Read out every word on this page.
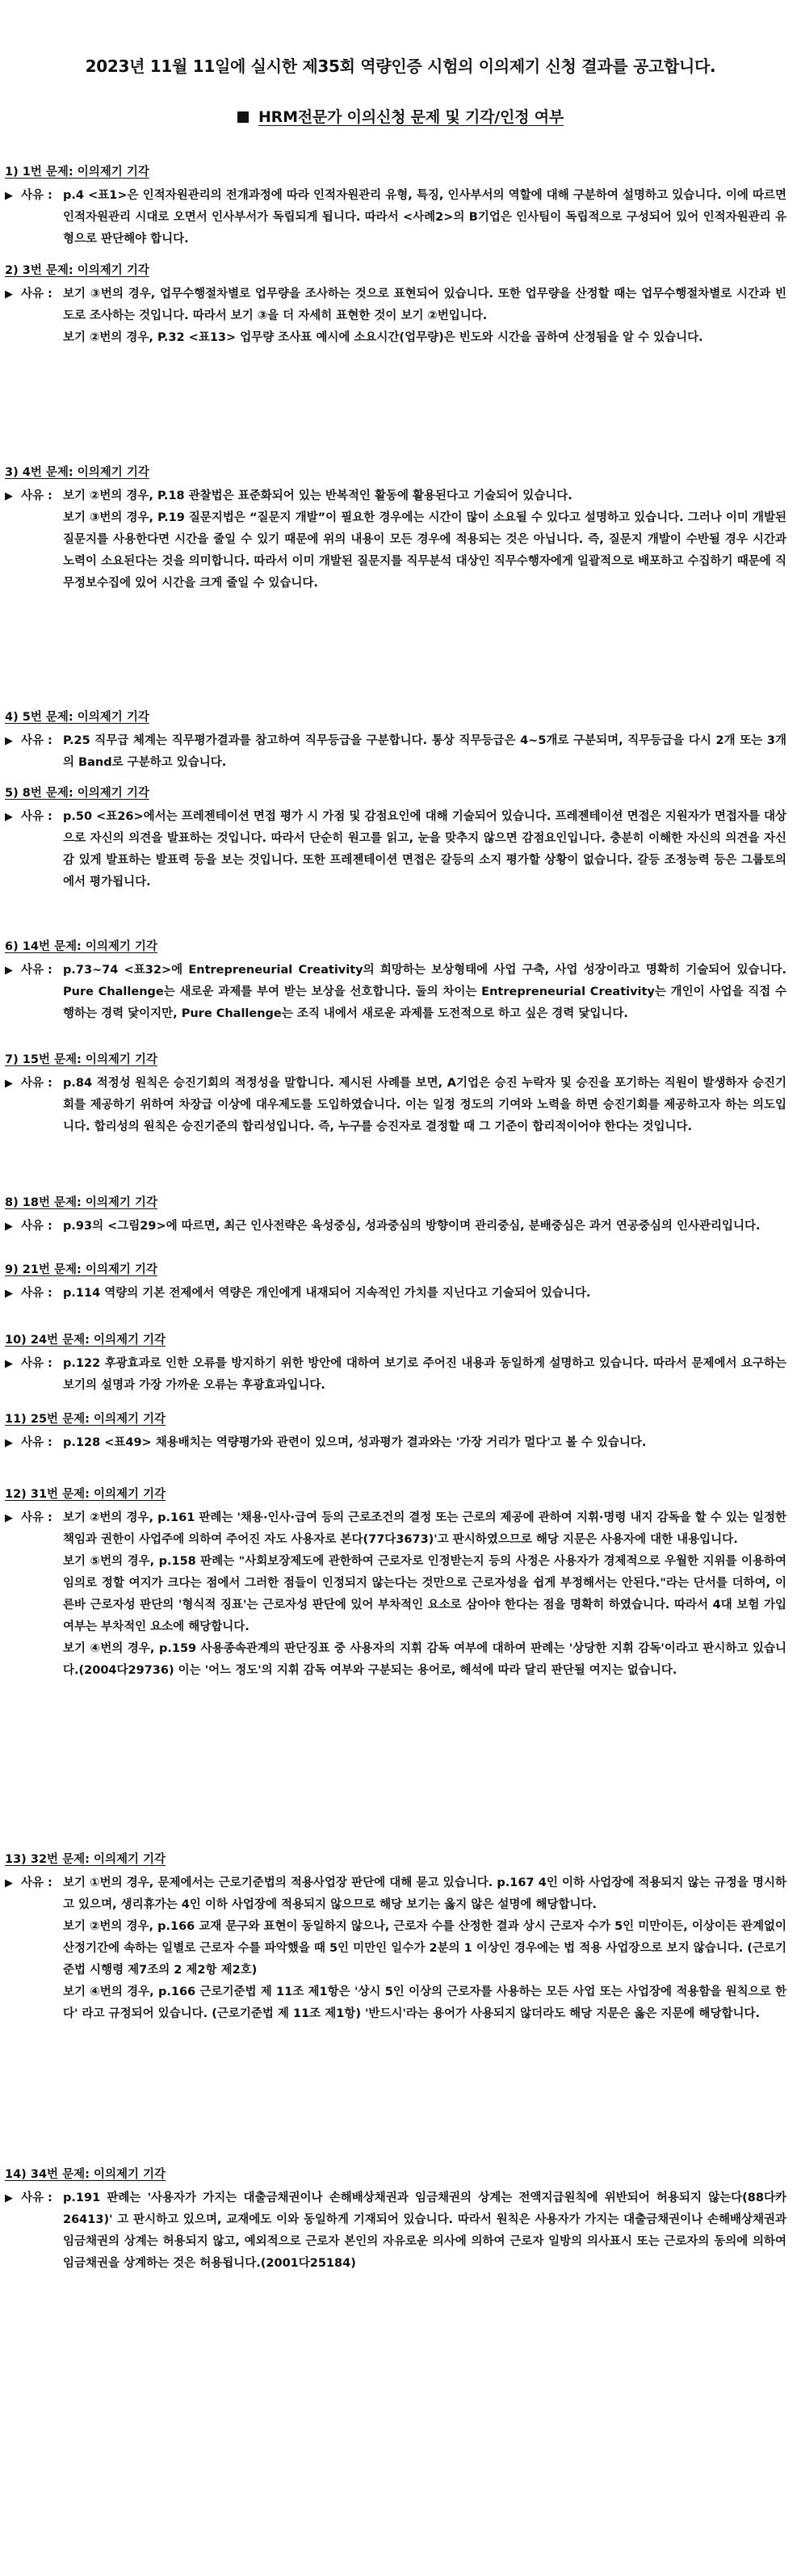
2023년 11월 11일에 실시한 제35회 역량인증 시험의 이의제기 신청 결과를 공고합니다.
HRM전문가 이의신청 문제 및 기각/인정 여부
1) 1번 문제: 이의제기 기각
▶ 사유 : p.4 <표1>은 인적자원관리의 전개과정에 따라 인적자원관리 유형, 특징, 인사부서의 역할에 대해 구분하여 설명하고 있습니다. 이에 따르면 인적자원관리 시대로 오면서 인사부서가 독립되게 됩니다. 따라서 <사례2>의 B기업은 인사팀이 독립적으로 구성되어 있어 인적자원관리 유형으로 판단해야 합니다.
2) 3번 문제: 이의제기 기각
▶ 사유 : 보기 ③번의 경우, 업무수행절차별로 업무량을 조사하는 것으로 표현되어 있습니다. 또한 업무량을 산정할 때는 업무수행절차별로 시간과 빈도로 조사하는 것입니다. 따라서 보기 ③을 더 자세히 표현한 것이 보기 ②번입니다.
보기 ②번의 경우, P.32 <표13> 업무량 조사표 예시에 소요시간(업무량)은 빈도와 시간을 곱하여 산정됨을 알 수 있습니다.
3) 4번 문제: 이의제기 기각
▶ 사유 : 보기 ②번의 경우, P.18 관찰법은 표준화되어 있는 반복적인 활동에 활용된다고 기술되어 있습니다.
보기 ③번의 경우, P.19 질문지법은 “질문지 개발”이 필요한 경우에는 시간이 많이 소요될 수 있다고 설명하고 있습니다. 그러나 이미 개발된 질문지를 사용한다면 시간을 줄일 수 있기 때문에 위의 내용이 모든 경우에 적용되는 것은 아닙니다. 즉, 질문지 개발이 수반될 경우 시간과 노력이 소요된다는 것을 의미합니다. 따라서 이미 개발된 질문지를 직무분석 대상인 직무수행자에게 일괄적으로 배포하고 수집하기 때문에 직무정보수집에 있어 시간을 크게 줄일 수 있습니다.
4) 5번 문제: 이의제기 기각
▶ 사유 : P.25 직무급 체계는 직무평가결과를 참고하여 직무등급을 구분합니다. 통상 직무등급은 4~5개로 구분되며, 직무등급을 다시 2개 또는 3개의 Band로 구분하고 있습니다.
5) 8번 문제: 이의제기 기각
▶ 사유 : p.50 <표26>에서는 프레젠테이션 면접 평가 시 가점 및 감점요인에 대해 기술되어 있습니다. 프레젠테이션 면접은 지원자가 면접자를 대상으로 자신의 의견을 발표하는 것입니다. 따라서 단순히 원고를 읽고, 눈을 맞추지 않으면 감점요인입니다. 충분히 이해한 자신의 의견을 자신감 있게 발표하는 발표력 등을 보는 것입니다. 또한 프레젠테이션 면접은 갈등의 소지 평가할 상황이 없습니다. 갈등 조정능력 등은 그룹토의에서 평가됩니다.
6) 14번 문제: 이의제기 기각
▶ 사유 : p.73~74 <표32>에 Entrepreneurial Creativity의 희망하는 보상형태에 사업 구축, 사업 성장이라고 명확히 기술되어 있습니다. Pure Challenge는 새로운 과제를 부여 받는 보상을 선호합니다. 둘의 차이는 Entrepreneurial Creativity는 개인이 사업을 직접 수행하는 경력 닻이지만, Pure Challenge는 조직 내에서 새로운 과제를 도전적으로 하고 싶은 경력 닻입니다.
7) 15번 문제: 이의제기 기각
▶ 사유 : p.84 적정성 원칙은 승진기회의 적정성을 말합니다. 제시된 사례를 보면, A기업은 승진 누락자 및 승진을 포기하는 직원이 발생하자 승진기회를 제공하기 위하여 차장급 이상에 대우제도를 도입하였습니다. 이는 일정 정도의 기여와 노력을 하면 승진기회를 제공하고자 하는 의도입니다. 합리성의 원칙은 승진기준의 합리성입니다. 즉, 누구를 승진자로 결정할 때 그 기준이 합리적이어야 한다는 것입니다.
8) 18번 문제: 이의제기 기각
▶ 사유 : p.93의 <그림29>에 따르면, 최근 인사전략은 육성중심, 성과중심의 방향이며 관리중심, 분배중심은 과거 연공중심의 인사관리입니다.
9) 21번 문제: 이의제기 기각
▶ 사유 : p.114 역량의 기본 전제에서 역량은 개인에게 내재되어 지속적인 가치를 지닌다고 기술되어 있습니다.
10) 24번 문제: 이의제기 기각
▶ 사유 : p.122 후광효과로 인한 오류를 방지하기 위한 방안에 대하여 보기로 주어진 내용과 동일하게 설명하고 있습니다. 따라서 문제에서 요구하는 보기의 설명과 가장 가까운 오류는 후광효과입니다.
11) 25번 문제: 이의제기 기각
▶ 사유 : p.128 <표49> 채용배치는 역량평가와 관련이 있으며, 성과평가 결과와는 '가장 거리가 멀다'고 볼 수 있습니다.
12) 31번 문제: 이의제기 기각
▶ 사유 : 보기 ②번의 경우, p.161 판례는 '채용·인사·급여 등의 근로조건의 결정 또는 근로의 제공에 관하여 지휘·명령 내지 감독을 할 수 있는 일정한 책임과 권한이 사업주에 의하여 주어진 자도 사용자로 본다(77다3673)'고 판시하였으므로 해당 지문은 사용자에 대한 내용입니다.
보기 ⑤번의 경우, p.158 판례는 "사회보장제도에 관한하여 근로자로 인정받는지 등의 사정은 사용자가 경제적으로 우월한 지위를 이용하여 임의로 정할 여지가 크다는 점에서 그러한 점들이 인정되지 않는다는 것만으로 근로자성을 쉽게 부정해서는 안된다."라는 단서를 더하여, 이른바 근로자성 판단의 '형식적 징표'는 근로자성 판단에 있어 부차적인 요소로 삼아야 한다는 점을 명확히 하였습니다. 따라서 4대 보험 가입 여부는 부차적인 요소에 해당합니다.
보기 ④번의 경우, p.159 사용종속관계의 판단징표 중 사용자의 지휘 감독 여부에 대하여 판례는 '상당한 지휘 감독'이라고 판시하고 있습니다.(2004다29736) 이는 '어느 정도'의 지휘 감독 여부와 구분되는 용어로, 해석에 따라 달리 판단될 여지는 없습니다.
13) 32번 문제: 이의제기 기각
▶ 사유 : 보기 ①번의 경우, 문제에서는 근로기준법의 적용사업장 판단에 대해 묻고 있습니다. p.167 4인 이하 사업장에 적용되지 않는 규정을 명시하고 있으며, 생리휴가는 4인 이하 사업장에 적용되지 않으므로 해당 보기는 옳지 않은 설명에 해당합니다.
보기 ②번의 경우, p.166 교재 문구와 표현이 동일하지 않으나, 근로자 수를 산정한 결과 상시 근로자 수가 5인 미만이든, 이상이든 관계없이 산정기간에 속하는 일별로 근로자 수를 파악했을 때 5인 미만인 일수가 2분의 1 이상인 경우에는 법 적용 사업장으로 보지 않습니다. (근로기준법 시행령 제7조의 2 제2항 제2호)
보기 ④번의 경우, p.166 근로기준법 제 11조 제1항은 '상시 5인 이상의 근로자를 사용하는 모든 사업 또는 사업장에 적용함을 원칙으로 한다' 라고 규정되어 있습니다. (근로기준법 제 11조 제1항) '반드시'라는 용어가 사용되지 않더라도 해당 지문은 옳은 지문에 해당합니다.
14) 34번 문제: 이의제기 기각
▶ 사유 : p.191 판례는 '사용자가 가지는 대출금채권이나 손해배상채권과 임금채권의 상계는 전액지급원칙에 위반되어 허용되지 않는다(88다카26413)' 고 판시하고 있으며, 교재에도 이와 동일하게 기재되어 있습니다. 따라서 원칙은 사용자가 가지는 대출금채권이나 손해배상채권과 임금채권의 상계는 허용되지 않고, 예외적으로 근로자 본인의 자유로운 의사에 의하여 근로자 일방의 의사표시 또는 근로자의 동의에 의하여 임금채권을 상계하는 것은 허용됩니다.(2001다25184)
